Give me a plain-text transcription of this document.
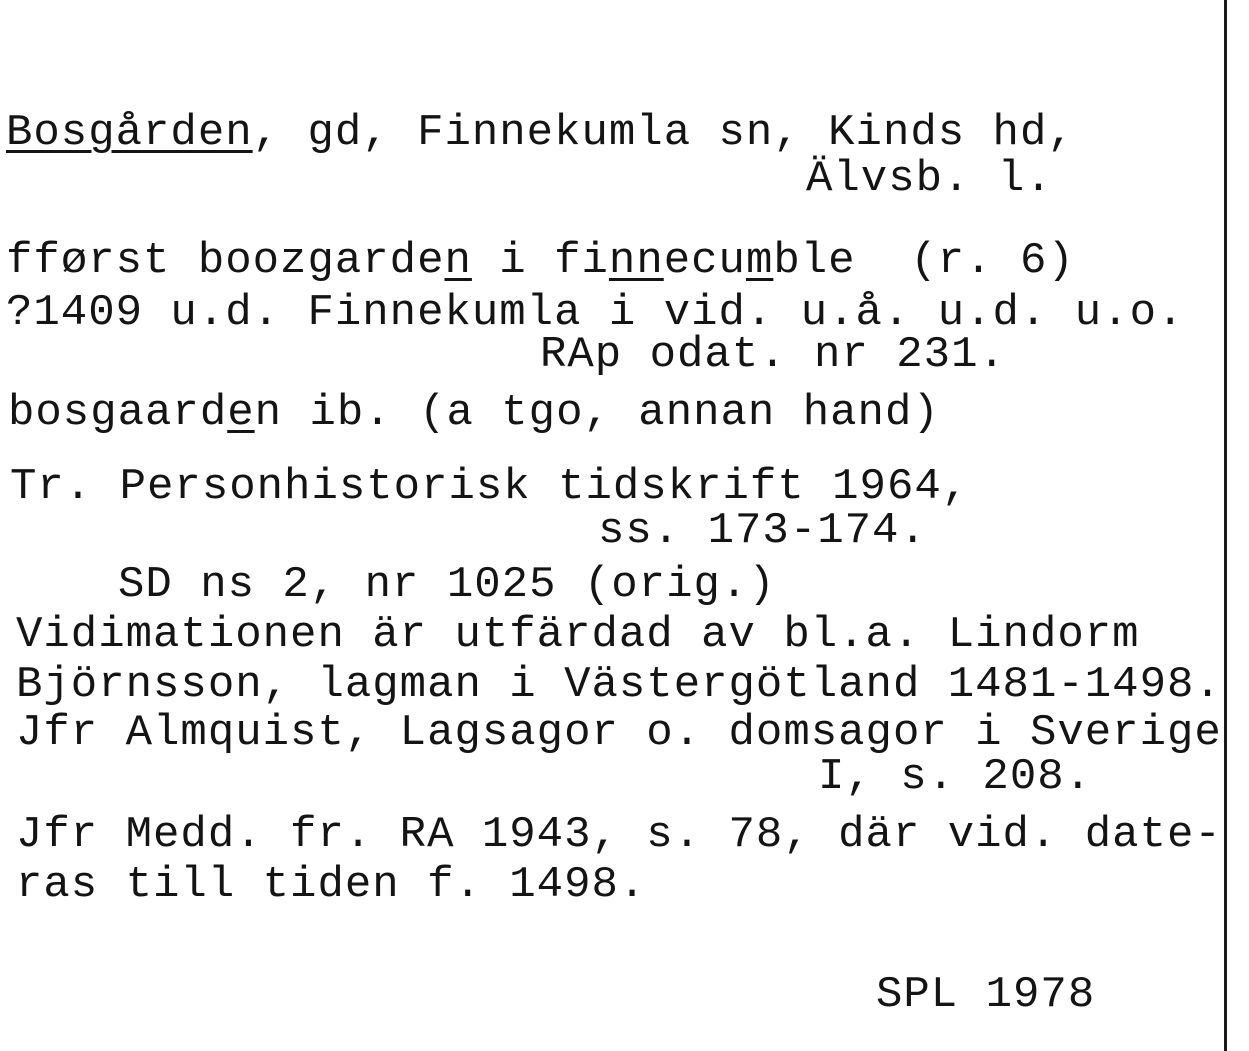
Bosgården, gd, Finnekumla sn, Kinds hd,
Älvsb. l.
fførst boozgarden i finnecumble  (r. 6)
?1409 u.d. Finnekumla i vid. u.å. u.d. u.o.
RAp odat. nr 231.
bosgaarden ib. (a tgo, annan hand)
Tr. Personhistorisk tidskrift 1964,
ss. 173-174.
SD ns 2, nr 1025 (orig.)
Vidimationen är utfärdad av bl.a. Lindorm
Björnsson, lagman i Västergötland 1481-1498.
Jfr Almquist, Lagsagor o. domsagor i Sverige
I, s. 208.
Jfr Medd. fr. RA 1943, s. 78, där vid. date-
ras till tiden f. 1498.
SPL 1978
